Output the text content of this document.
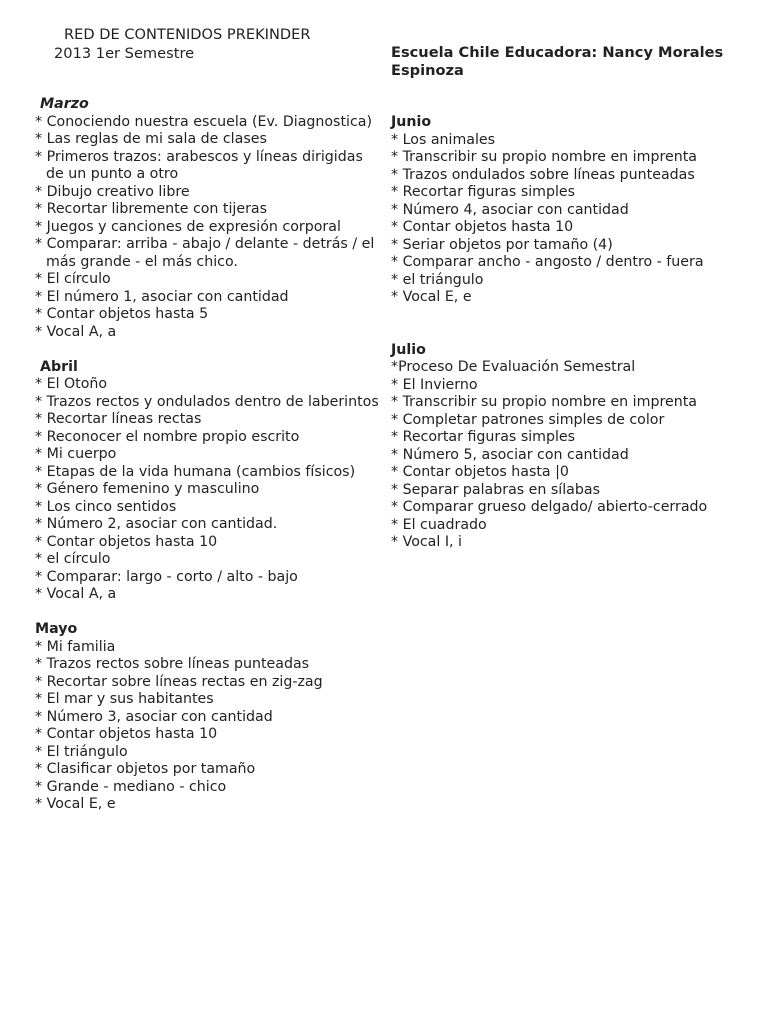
RED DE CONTENIDOS PREKINDER
2013 1er Semestre	Escuela Chile Educadora: Nancy Morales Espinoza

Marzo

* Conociendo nuestra escuela (Ev. Diagnostica)
* Las reglas de mi sala de clases
* Primeros trazos: arabescos y líneas dirigidas de un punto a otro
* Dibujo creativo libre
* Recortar libremente con tijeras
* Juegos y canciones de expresión corporal
* Comparar: arriba - abajo / delante - detrás / el más grande - el más chico.
* El círculo
* El número 1, asociar con cantidad
* Contar objetos hasta 5
* Vocal A, a

Abril

* El Otoño
* Trazos rectos y ondulados dentro de laberintos
* Recortar líneas rectas
* Reconocer el nombre propio escrito
* Mi cuerpo
* Etapas de la vida humana (cambios físicos)
* Género femenino y masculino
* Los cinco sentidos
* Número 2, asociar con cantidad.
* Contar objetos hasta 10
* el círculo
* Comparar: largo - corto / alto - bajo
* Vocal A, a

Mayo

* Mi familia
* Trazos rectos sobre líneas punteadas
* Recortar sobre líneas rectas en zig-zag
* El mar y sus habitantes
* Número 3, asociar con cantidad
* Contar objetos hasta 10
* El triángulo
* Clasificar objetos por tamaño
* Grande - mediano - chico
* Vocal E, e

Junio

* Los animales
* Transcribir su propio nombre en imprenta
* Trazos ondulados sobre líneas punteadas
* Recortar figuras simples
* Número 4, asociar con cantidad
* Contar objetos hasta 10
* Seriar objetos por tamaño (4)
* Comparar ancho - angosto / dentro - fuera
* el triángulo
* Vocal E, e

Julio

*Proceso De Evaluación Semestral
* El Invierno
* Transcribir su propio nombre en imprenta
* Completar patrones simples de color
* Recortar figuras simples
* Número 5, asociar con cantidad
* Contar objetos hasta |0
* Separar palabras en sílabas
* Comparar grueso delgado/ abierto-cerrado
* El cuadrado
* Vocal I, i
